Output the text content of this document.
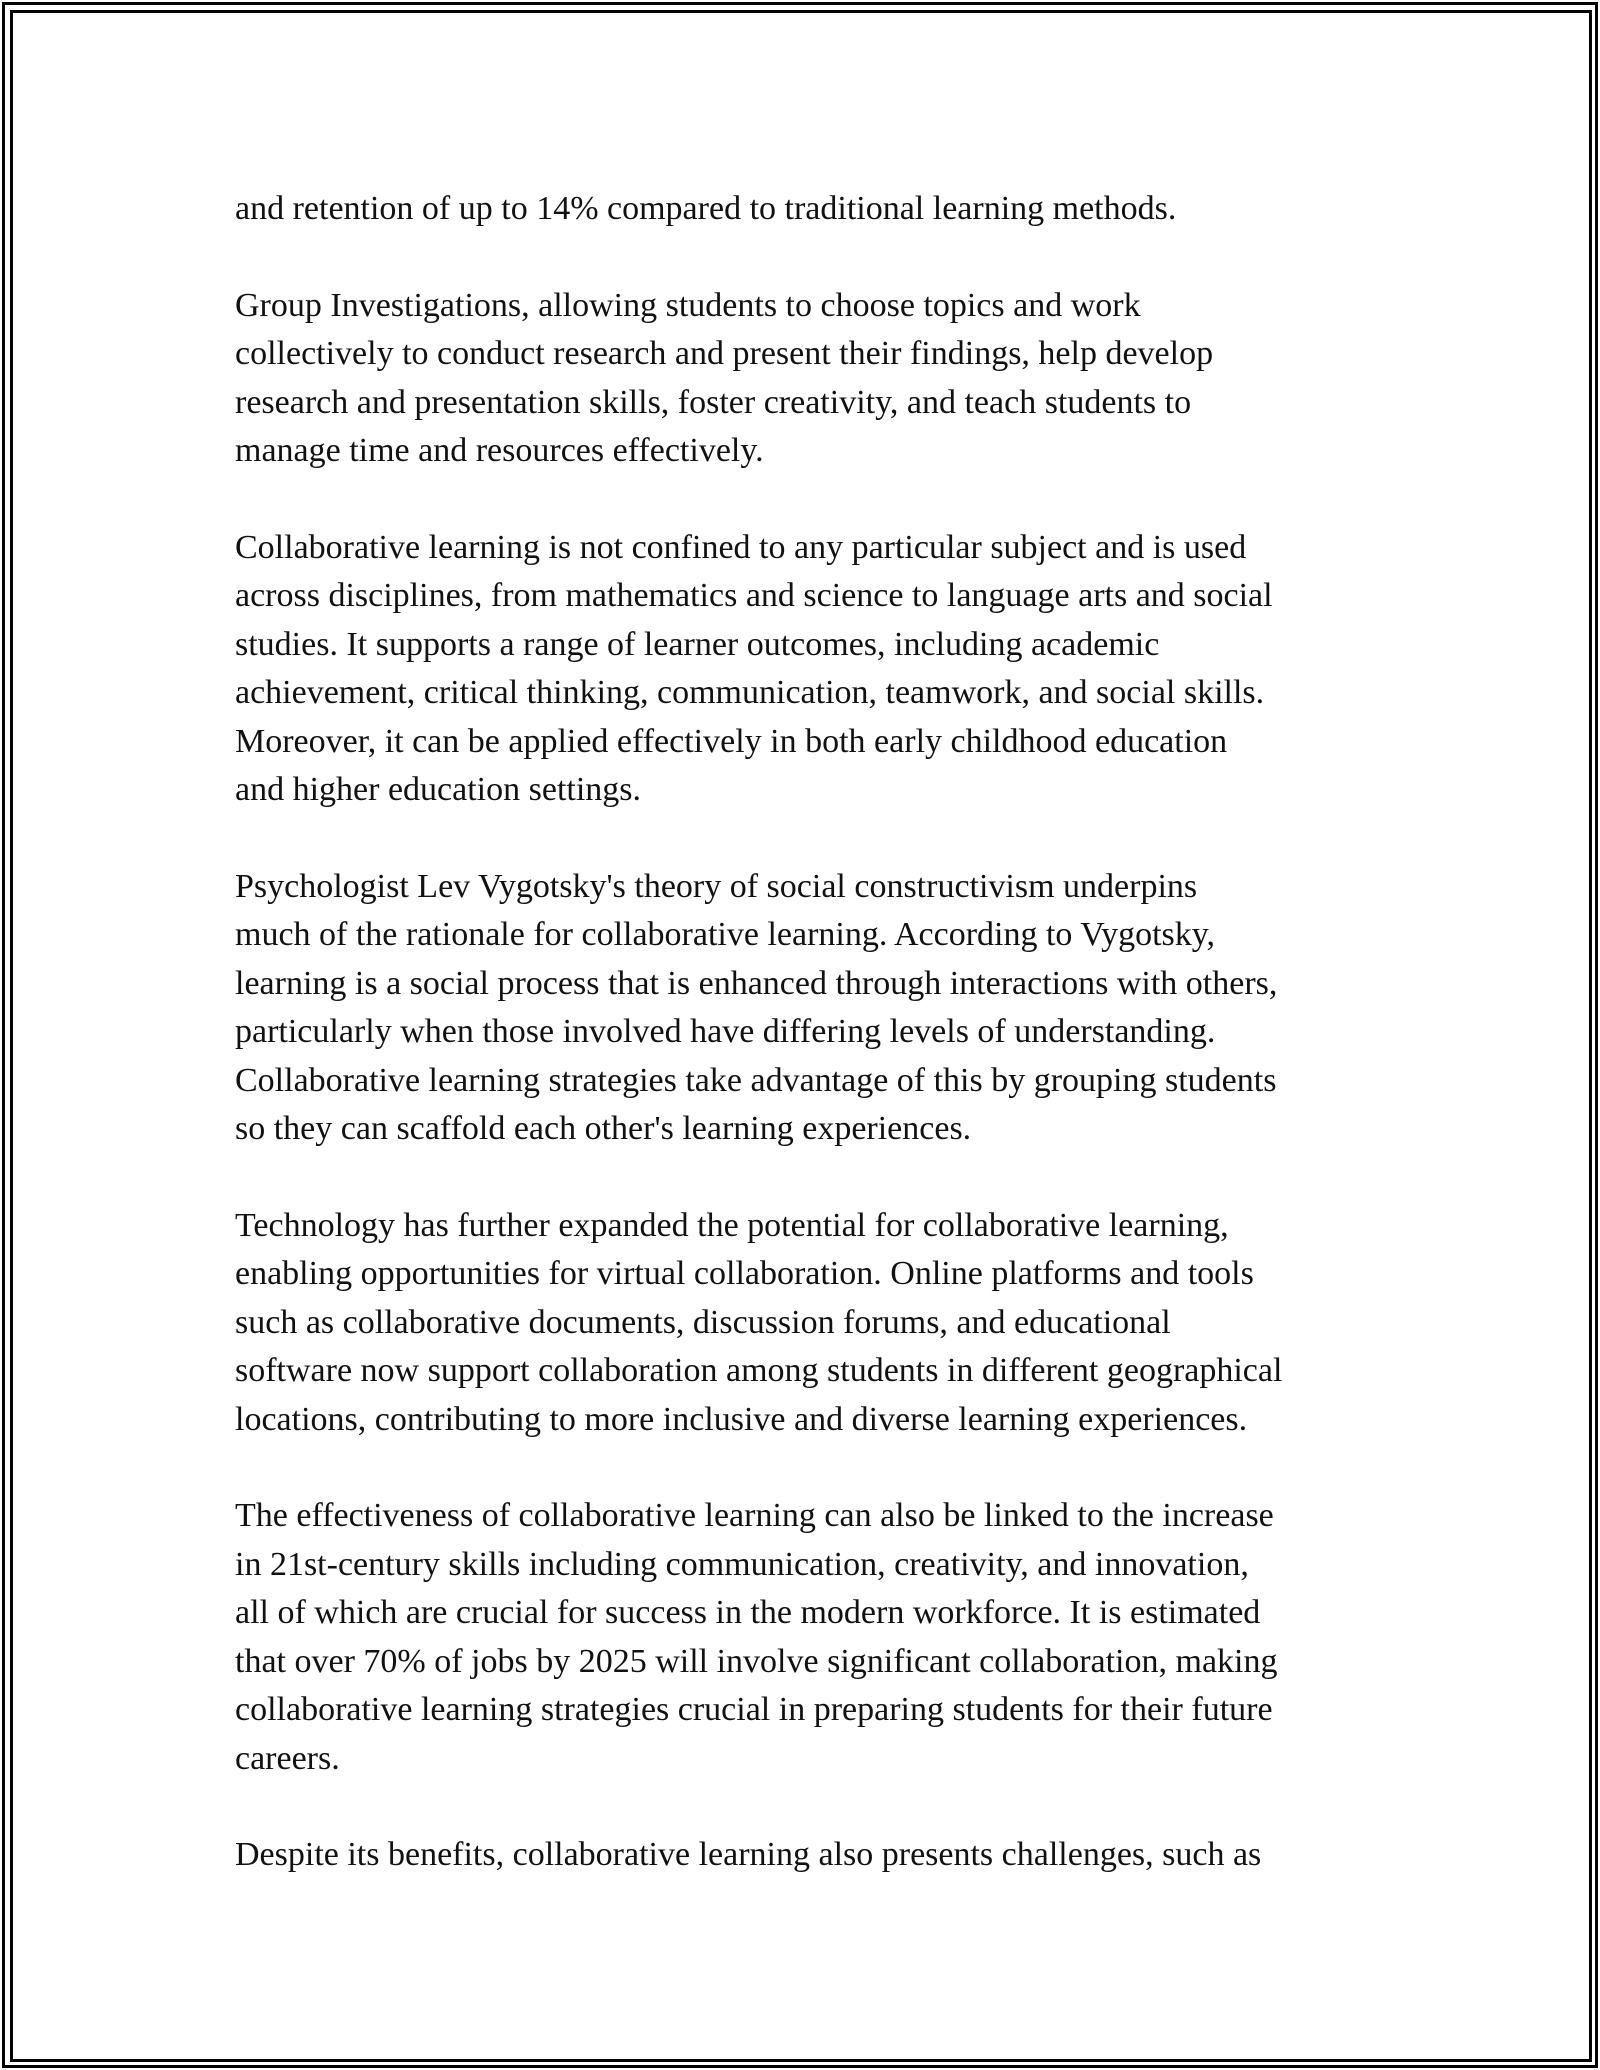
and retention of up to 14% compared to traditional learning methods.

Group Investigations, allowing students to choose topics and work
collectively to conduct research and present their findings, help develop
research and presentation skills, foster creativity, and teach students to
manage time and resources effectively.

Collaborative learning is not confined to any particular subject and is used
across disciplines, from mathematics and science to language arts and social
studies. It supports a range of learner outcomes, including academic
achievement, critical thinking, communication, teamwork, and social skills.
Moreover, it can be applied effectively in both early childhood education
and higher education settings.

Psychologist Lev Vygotsky's theory of social constructivism underpins
much of the rationale for collaborative learning. According to Vygotsky,
learning is a social process that is enhanced through interactions with others,
particularly when those involved have differing levels of understanding.
Collaborative learning strategies take advantage of this by grouping students
so they can scaffold each other's learning experiences.

Technology has further expanded the potential for collaborative learning,
enabling opportunities for virtual collaboration. Online platforms and tools
such as collaborative documents, discussion forums, and educational
software now support collaboration among students in different geographical
locations, contributing to more inclusive and diverse learning experiences.

The effectiveness of collaborative learning can also be linked to the increase
in 21st-century skills including communication, creativity, and innovation,
all of which are crucial for success in the modern workforce. It is estimated
that over 70% of jobs by 2025 will involve significant collaboration, making
collaborative learning strategies crucial in preparing students for their future
careers.

Despite its benefits, collaborative learning also presents challenges, such as
